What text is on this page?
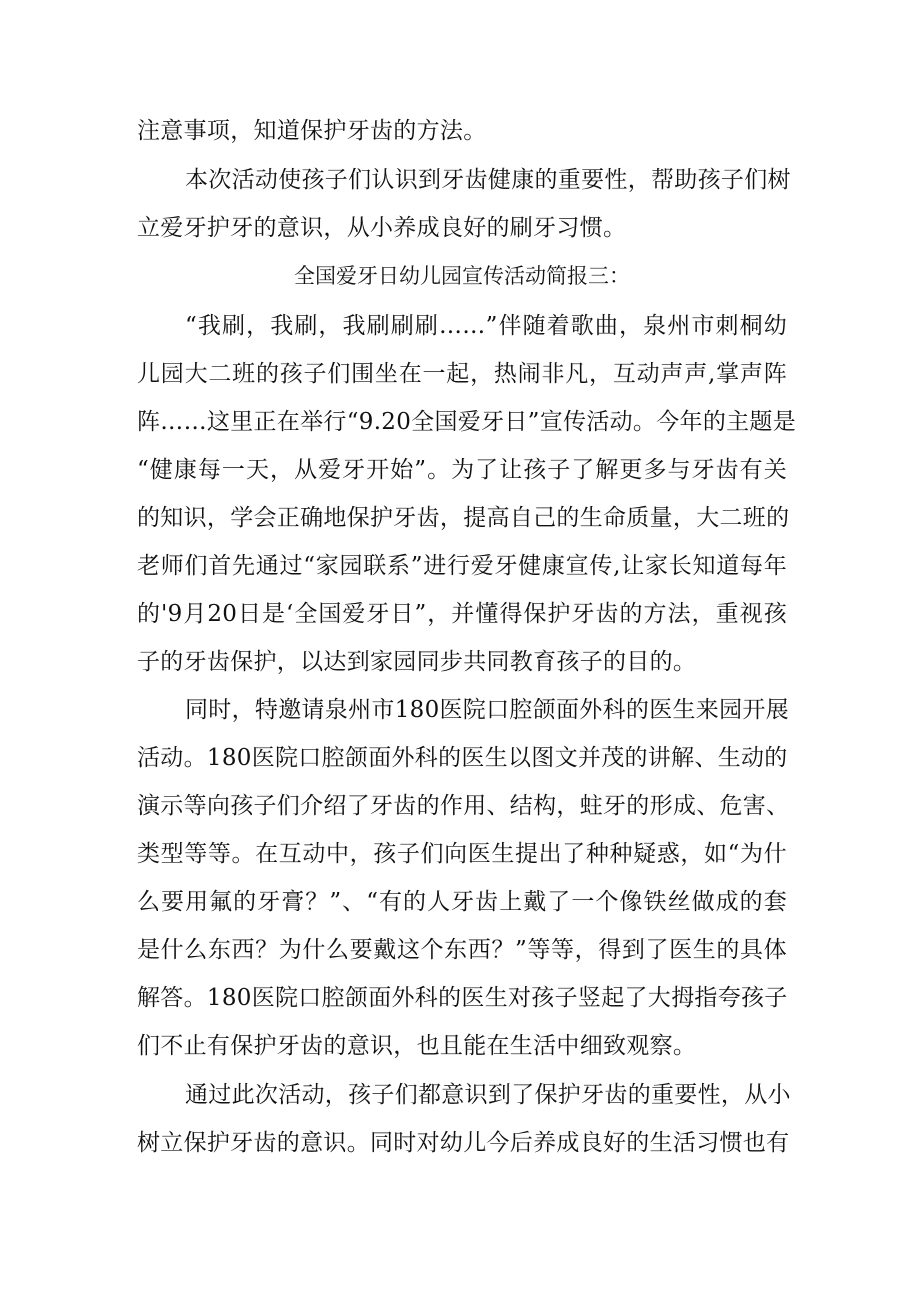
注意事项，知道保护牙齿的方法。
本次活动使孩子们认识到牙齿健康的重要性，帮助孩子们树
立爱牙护牙的意识，从小养成良好的刷牙习惯。
全国爱牙日幼儿园宣传活动简报三：
“我刷，我刷，我刷刷刷……”伴随着歌曲，泉州市刺桐幼
儿园大二班的孩子们围坐在一起，热闹非凡，互动声声,掌声阵
阵……这里正在举行“9.20全国爱牙日”宣传活动。今年的主题是
“健康每一天，从爱牙开始”。为了让孩子了解更多与牙齿有关
的知识，学会正确地保护牙齿，提高自己的生命质量，大二班的
老师们首先通过“家园联系”进行爱牙健康宣传,让家长知道每年
的'9月20日是‘全国爱牙日”，并懂得保护牙齿的方法，重视孩
子的牙齿保护，以达到家园同步共同教育孩子的目的。
同时，特邀请泉州市180医院口腔颌面外科的医生来园开展
活动。180医院口腔颌面外科的医生以图文并茂的讲解、生动的
演示等向孩子们介绍了牙齿的作用、结构，蛀牙的形成、危害、
类型等等。在互动中，孩子们向医生提出了种种疑惑，如“为什
么要用氟的牙膏？”、“有的人牙齿上戴了一个像铁丝做成的套
是什么东西？为什么要戴这个东西？”等等，得到了医生的具体
解答。180医院口腔颌面外科的医生对孩子竖起了大拇指夸孩子
们不止有保护牙齿的意识，也且能在生活中细致观察。
通过此次活动，孩子们都意识到了保护牙齿的重要性，从小
树立保护牙齿的意识。同时对幼儿今后养成良好的生活习惯也有
